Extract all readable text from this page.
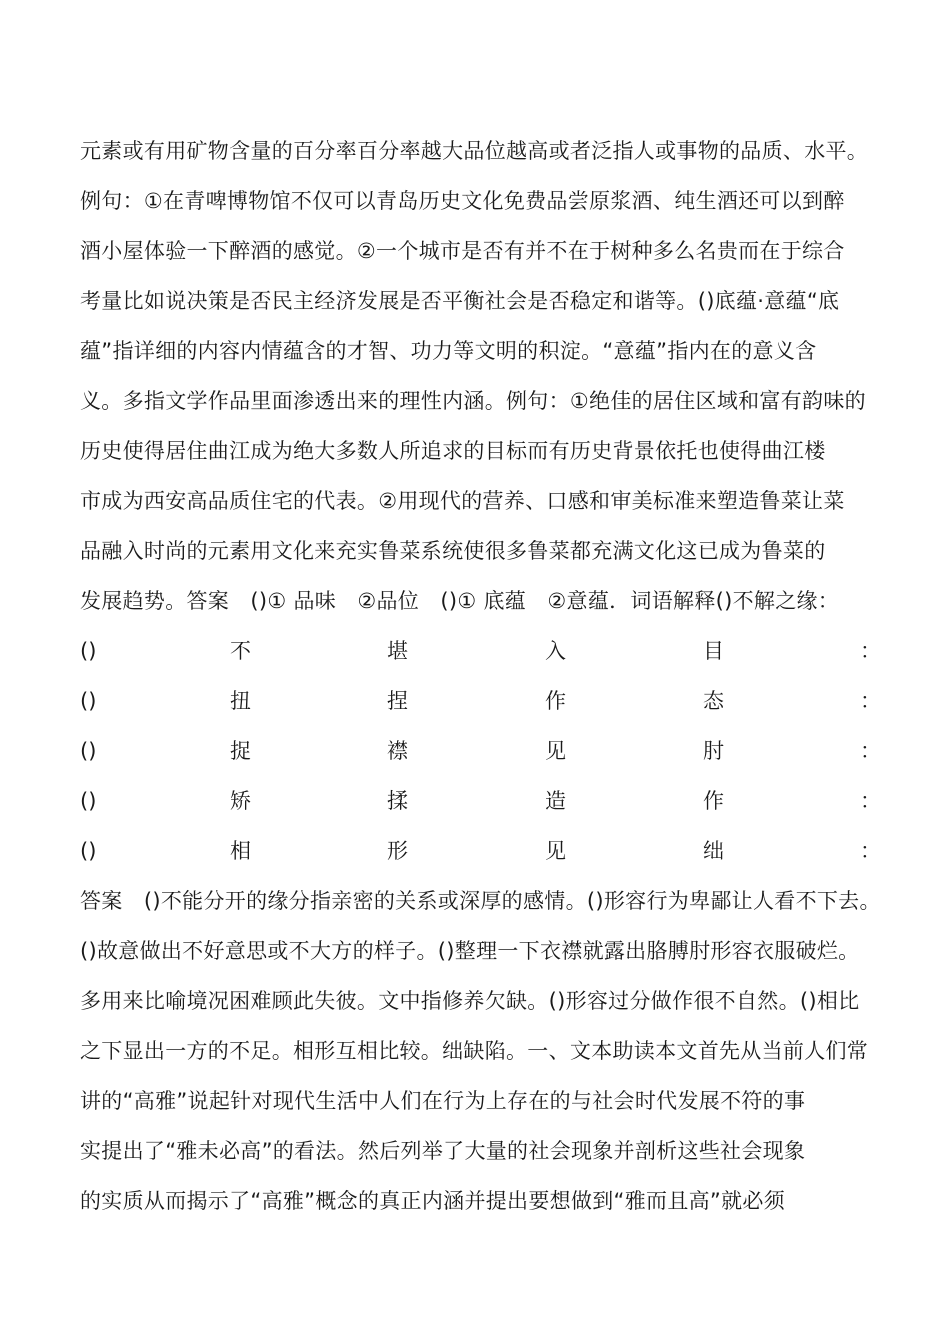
元素或有用矿物含量的百分率百分率越大品位越高或者泛指人或事物的品质、水平。
例句：①在青啤博物馆不仅可以青岛历史文化免费品尝原浆酒、纯生酒还可以到醉
酒小屋体验一下醉酒的感觉。②一个城市是否有并不在于树种多么名贵而在于综合
考量比如说决策是否民主经济发展是否平衡社会是否稳定和谐等。()底蕴·意蕴“底
蕴”指详细的内容内情蕴含的才智、功力等文明的积淀。“意蕴”指内在的意义含
义。多指文学作品里面渗透出来的理性内涵。例句：①绝佳的居住区域和富有韵味的
历史使得居住曲江成为绝大多数人所追求的目标而有历史背景依托也使得曲江楼
市成为西安高品质住宅的代表。②用现代的营养、口感和审美标准来塑造鲁菜让菜
品融入时尚的元素用文化来充实鲁菜系统使很多鲁菜都充满文化这已成为鲁菜的
发展趋势。答案　()① 品味　②品位　()① 底蕴　②意蕴．词语解释()不解之缘：
()	不	堪	入	目	：
()	扭	捏	作	态	：
()	捉	襟	见	肘	：
()	矫	揉	造	作	：
()	相	形	见	绌	：
答案　()不能分开的缘分指亲密的关系或深厚的感情。()形容行为卑鄙让人看不下去。
()故意做出不好意思或不大方的样子。()整理一下衣襟就露出胳膊肘形容衣服破烂。
多用来比喻境况困难顾此失彼。文中指修养欠缺。()形容过分做作很不自然。()相比
之下显出一方的不足。相形互相比较。绌缺陷。一、文本助读本文首先从当前人们常
讲的“高雅”说起针对现代生活中人们在行为上存在的与社会时代发展不符的事
实提出了“雅未必高”的看法。然后列举了大量的社会现象并剖析这些社会现象
的实质从而揭示了“高雅”概念的真正内涵并提出要想做到“雅而且高”就必须
